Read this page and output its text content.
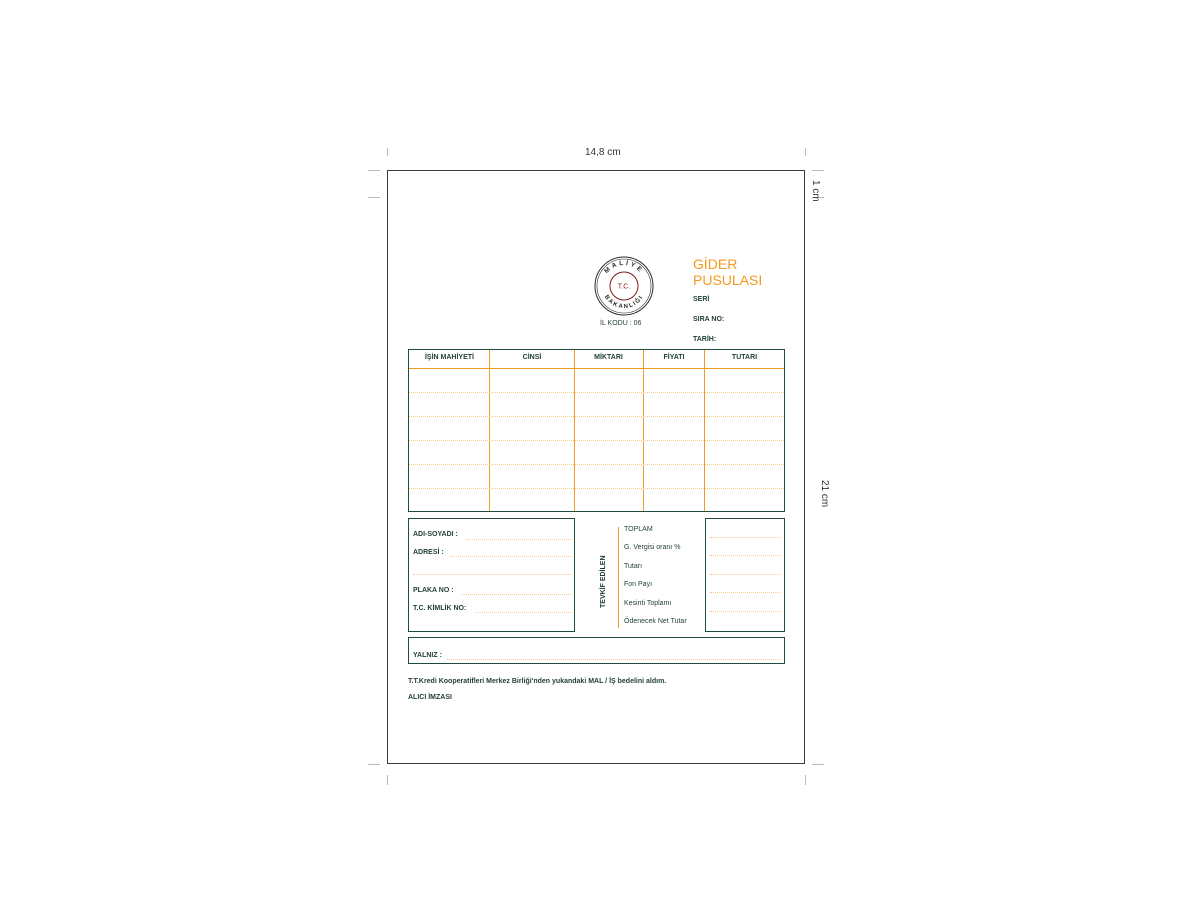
14,8 cm
1 cm
21 cm
MALİYE
BAKANLIĞI
T.C.
İL KODU : 06
GİDER
PUSULASI
SERİ
SIRA NO:
TARİH:
İŞİN MAHİYETİ	CİNSİ	MİKTARI	FİYATI	TUTARI
ADI-SOYADI :
ADRESİ :
PLAKA NO :
T.C. KİMLİK NO:
TEVKİF EDİLEN
TOPLAM
G. Vergisi oranı %
Tutarı
Fon Payı
Kesinti Toplamı
Ödenecek Net Tutar
YALNIZ :
T.T.Kredi Kooperatifleri Merkez Birliği'nden yukandaki MAL / İŞ bedelini aldım.
ALICI İMZASI
